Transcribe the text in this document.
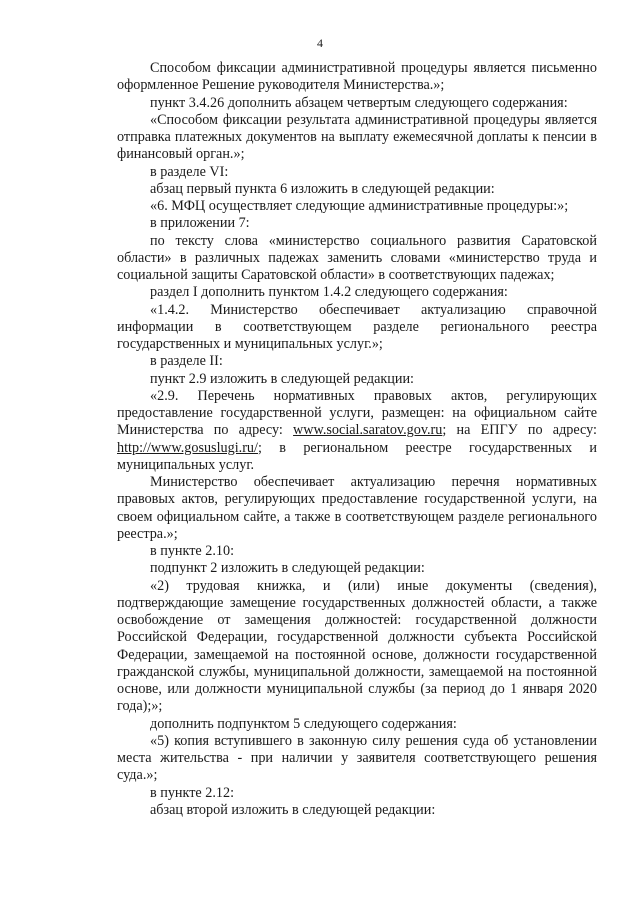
4

Способом фиксации административной процедуры является письменно оформленное Решение руководителя Министерства.»;

пункт 3.4.26 дополнить абзацем четвертым следующего содержания:

«Способом фиксации результата административной процедуры является отправка платежных документов на выплату ежемесячной доплаты к пенсии в финансовый орган.»;

в разделе VI:

абзац первый пункта 6 изложить в следующей редакции:

«6. МФЦ осуществляет следующие административные процедуры:»;

в приложении 7:

по тексту слова «министерство социального развития Саратовской области» в различных падежах заменить словами «министерство труда и социальной защиты Саратовской области» в соответствующих падежах;

раздел I дополнить пунктом 1.4.2 следующего содержания:

«1.4.2. Министерство обеспечивает актуализацию справочной информации в соответствующем разделе регионального реестра государственных и муниципальных услуг.»;

в разделе II:

пункт 2.9 изложить в следующей редакции:

«2.9. Перечень нормативных правовых актов, регулирующих предоставление государственной услуги, размещен: на официальном сайте Министерства по адресу: www.social.saratov.gov.ru; на ЕПГУ по адресу: http://www.gosuslugi.ru/; в региональном реестре государственных и муниципальных услуг.

Министерство обеспечивает актуализацию перечня нормативных правовых актов, регулирующих предоставление государственной услуги, на своем официальном сайте, а также в соответствующем разделе регионального реестра.»;

в пункте 2.10:

подпункт 2 изложить в следующей редакции:

«2) трудовая книжка, и (или) иные документы (сведения), подтверждающие замещение государственных должностей области, а также освобождение от замещения должностей: государственной должности Российской Федерации, государственной должности субъекта Российской Федерации, замещаемой на постоянной основе, должности государственной гражданской службы, муниципальной должности, замещаемой на постоянной основе, или должности муниципальной службы (за период до 1 января 2020 года);»;

дополнить подпунктом 5 следующего содержания:

«5) копия вступившего в законную силу решения суда об установлении места жительства - при наличии у заявителя соответствующего решения суда.»;

в пункте 2.12:

абзац второй изложить в следующей редакции:
